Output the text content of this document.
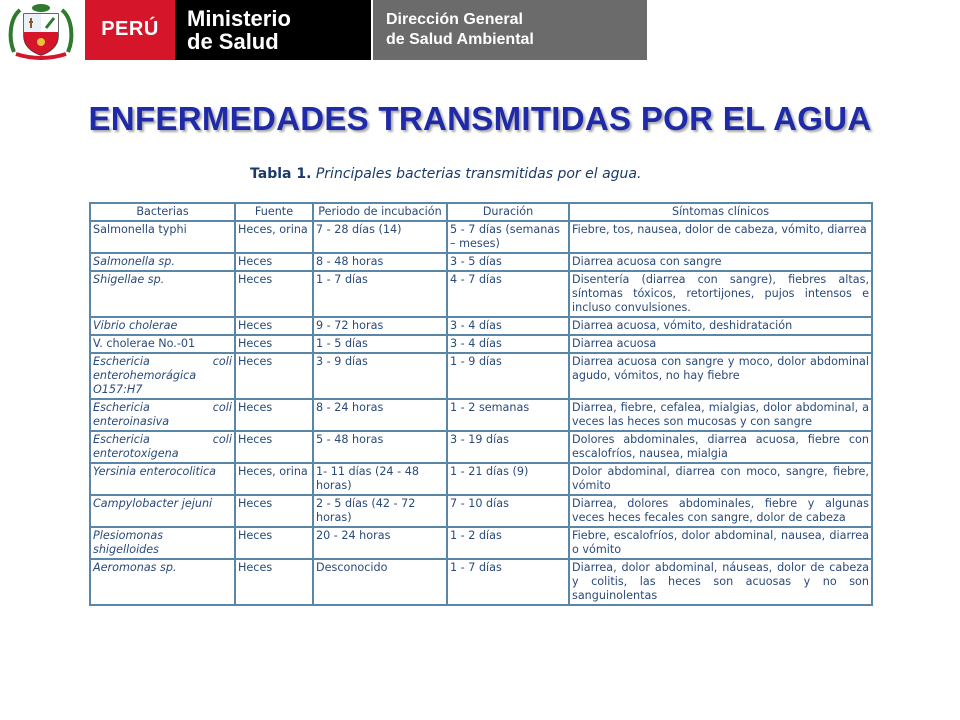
PERÚ	Ministerio
de Salud
Dirección General
de Salud Ambiental
ENFERMEDADES TRANSMITIDAS POR EL AGUA
Tabla 1. Principales bacterias transmitidas por el agua.
Bacterias	Fuente	Periodo de incubación	Duración	Síntomas clínicos
Salmonella typhi	Heces, orina	7 - 28 días (14)	5 - 7 días (semanas – meses)	Fiebre, tos, nausea, dolor de cabeza, vómito, diarrea
Salmonella sp.	Heces	8 - 48 horas	3 - 5 días	Diarrea acuosa con sangre
Shigellae sp.	Heces	1 - 7 días	4 - 7 días	Disentería (diarrea con sangre), fiebres altas, síntomas tóxicos, retortijones, pujos intensos e incluso convulsiones.
Vibrio cholerae	Heces	9 - 72 horas	3 - 4 días	Diarrea acuosa, vómito, deshidratación
V. cholerae No.-01	Heces	1 - 5 días	3 - 4 días	Diarrea acuosa
Eschericia coli enterohemorágica O157:H7	Heces	3 - 9 días	1 - 9 días	Diarrea acuosa con sangre y moco, dolor abdominal agudo, vómitos, no hay fiebre
Eschericia coli enteroinasiva	Heces	8 - 24 horas	1 - 2 semanas	Diarrea, fiebre, cefalea, mialgias, dolor abdominal, a veces las heces son mucosas y con sangre
Eschericia coli enterotoxigena	Heces	5 - 48 horas	3 - 19 días	Dolores abdominales, diarrea acuosa, fiebre con escalofríos, nausea, mialgia
Yersinia enterocolitica	Heces, orina	1- 11 días (24 - 48 horas)	1 - 21 días (9)	Dolor abdominal, diarrea con moco, sangre, fiebre, vómito
Campylobacter jejuni	Heces	2 - 5 días (42 - 72 horas)	7 - 10 días	Diarrea, dolores abdominales, fiebre y algunas veces heces fecales con sangre, dolor de cabeza
Plesiomonas shigelloides	Heces	20 - 24 horas	1 - 2 días	Fiebre, escalofríos, dolor abdominal, nausea, diarrea o vómito
Aeromonas sp.	Heces	Desconocido	1 - 7 días	Diarrea, dolor abdominal, náuseas, dolor de cabeza y colitis, las heces son acuosas y no son sanguinolentas
